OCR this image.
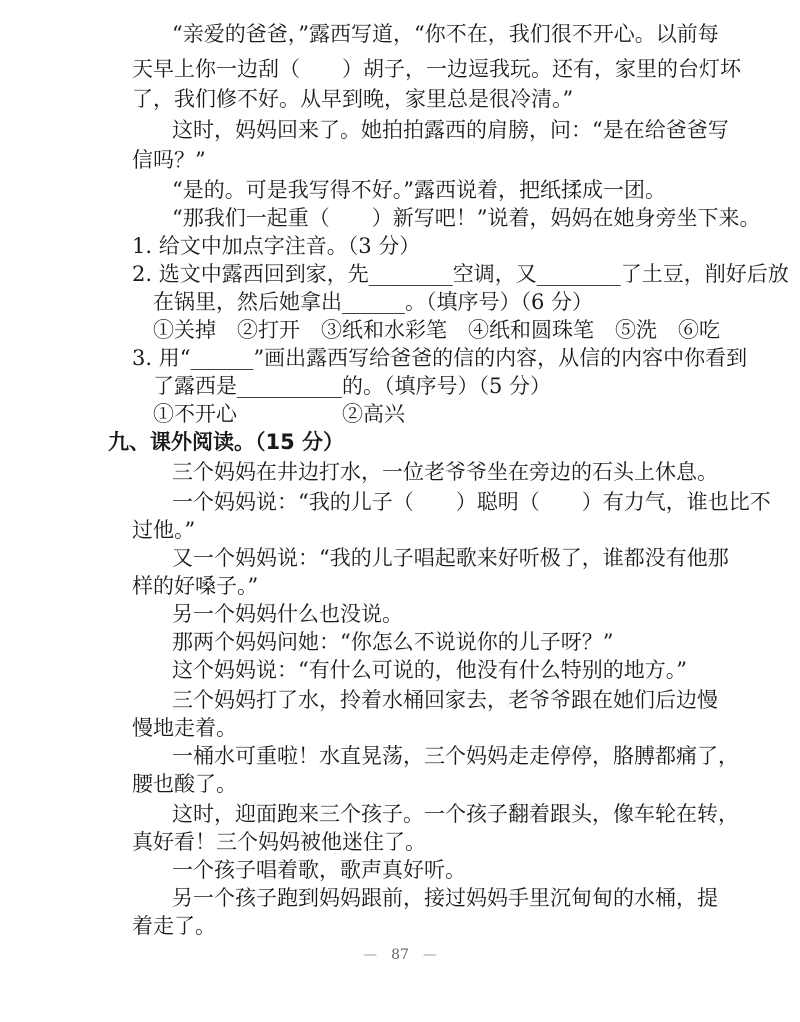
“亲爱的爸爸，”露西写道，“你不在，我们很不开心。以前每
天早上你一边刮（　　）胡子，一边逗我玩。还有，家里的台灯坏
了，我们修不好。从早到晚，家里总是很冷清。”
这时，妈妈回来了。她拍拍露西的肩膀，问：“是在给爸爸写
信吗？”
“是的。可是我写得不好。”露西说着，把纸揉成一团。
“那我们一起重（　　）新写吧！”说着，妈妈在她身旁坐下来。
1. 给文中加点字注音。（3 分）
2. 选文中露西回到家，先________空调，又________了土豆，削好后放
在锅里，然后她拿出______。（填序号）（6 分）
①关掉　②打开　③纸和水彩笔　④纸和圆珠笔　⑤洗　⑥吃
3. 用“______”画出露西写给爸爸的信的内容，从信的内容中你看到
了露西是__________的。（填序号）（5 分）
①不开心　　　　　②高兴
九、课外阅读。（15 分）
三个妈妈在井边打水，一位老爷爷坐在旁边的石头上休息。
一个妈妈说：“我的儿子（　　）聪明（　　）有力气，谁也比不
过他。”
又一个妈妈说：“我的儿子唱起歌来好听极了，谁都没有他那
样的好嗓子。”
另一个妈妈什么也没说。
那两个妈妈问她：“你怎么不说说你的儿子呀？”
这个妈妈说：“有什么可说的，他没有什么特别的地方。”
三个妈妈打了水，拎着水桶回家去，老爷爷跟在她们后边慢
慢地走着。
一桶水可重啦！水直晃荡，三个妈妈走走停停，胳膊都痛了，
腰也酸了。
这时，迎面跑来三个孩子。一个孩子翻着跟头，像车轮在转，
真好看！三个妈妈被他迷住了。
一个孩子唱着歌，歌声真好听。
另一个孩子跑到妈妈跟前，接过妈妈手里沉甸甸的水桶，提
着走了。
—　87　—
